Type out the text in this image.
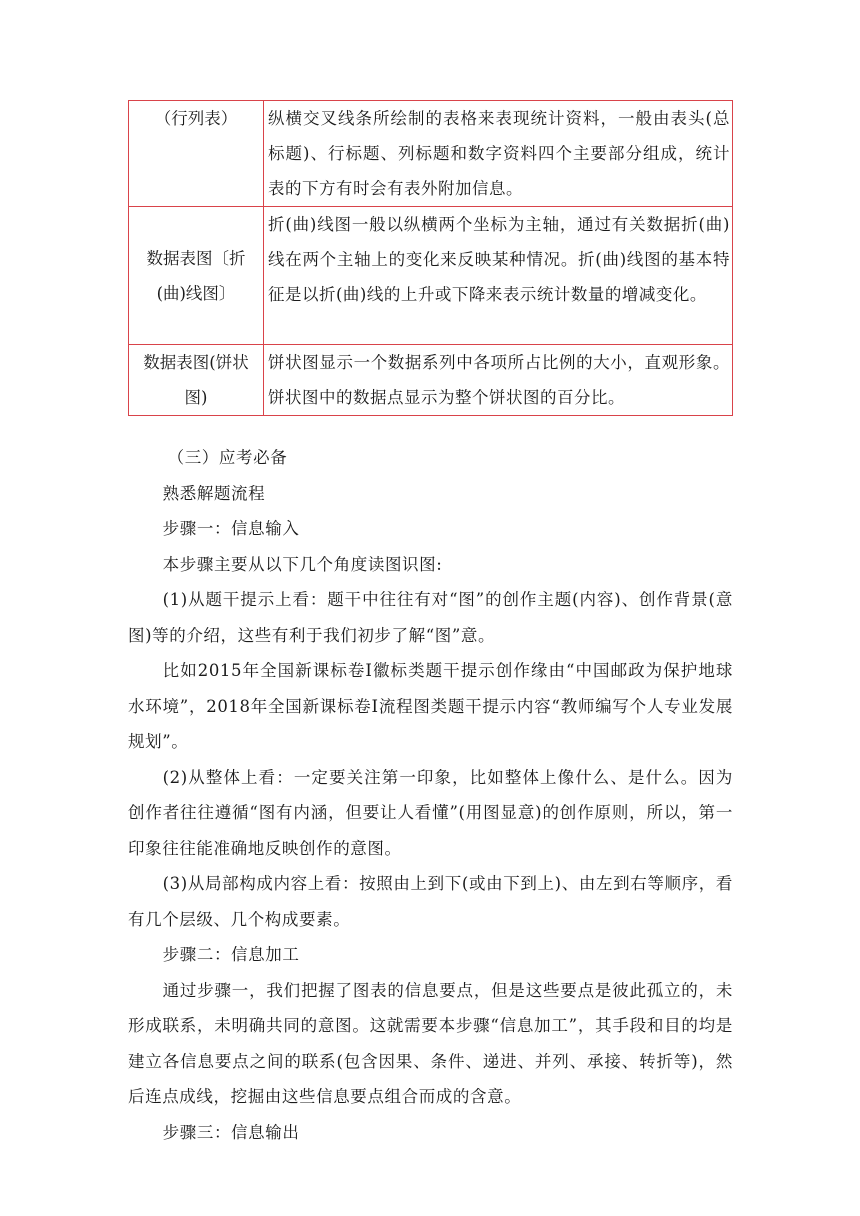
（行列表）	纵横交叉线条所绘制的表格来表现统计资料，一般由表头(总标题)、行标题、列标题和数字资料四个主要部分组成，统计表的下方有时会有表外附加信息。
数据表图〔折(曲)线图〕	折(曲)线图一般以纵横两个坐标为主轴，通过有关数据折(曲)线在两个主轴上的变化来反映某种情况。折(曲)线图的基本特征是以折(曲)线的上升或下降来表示统计数量的增减变化。
数据表图(饼状图)	饼状图显示一个数据系列中各项所占比例的大小，直观形象。饼状图中的数据点显示为整个饼状图的百分比。

（三）应考必备

熟悉解题流程

步骤一：信息输入

本步骤主要从以下几个角度读图识图:

(1)从题干提示上看：题干中往往有对“图”的创作主题(内容)、创作背景(意图)等的介绍，这些有利于我们初步了解“图”意。

比如2015年全国新课标卷Ⅰ徽标类题干提示创作缘由“中国邮政为保护地球水环境”，2018年全国新课标卷Ⅰ流程图类题干提示内容“教师编写个人专业发展规划”。

(2)从整体上看：一定要关注第一印象，比如整体上像什么、是什么。因为创作者往往遵循“图有内涵，但要让人看懂”(用图显意)的创作原则，所以，第一印象往往能准确地反映创作的意图。

(3)从局部构成内容上看：按照由上到下(或由下到上)、由左到右等顺序，看有几个层级、几个构成要素。

步骤二：信息加工

通过步骤一，我们把握了图表的信息要点，但是这些要点是彼此孤立的，未形成联系，未明确共同的意图。这就需要本步骤“信息加工”，其手段和目的均是建立各信息要点之间的联系(包含因果、条件、递进、并列、承接、转折等)，然后连点成线，挖掘由这些信息要点组合而成的含意。

步骤三：信息输出
